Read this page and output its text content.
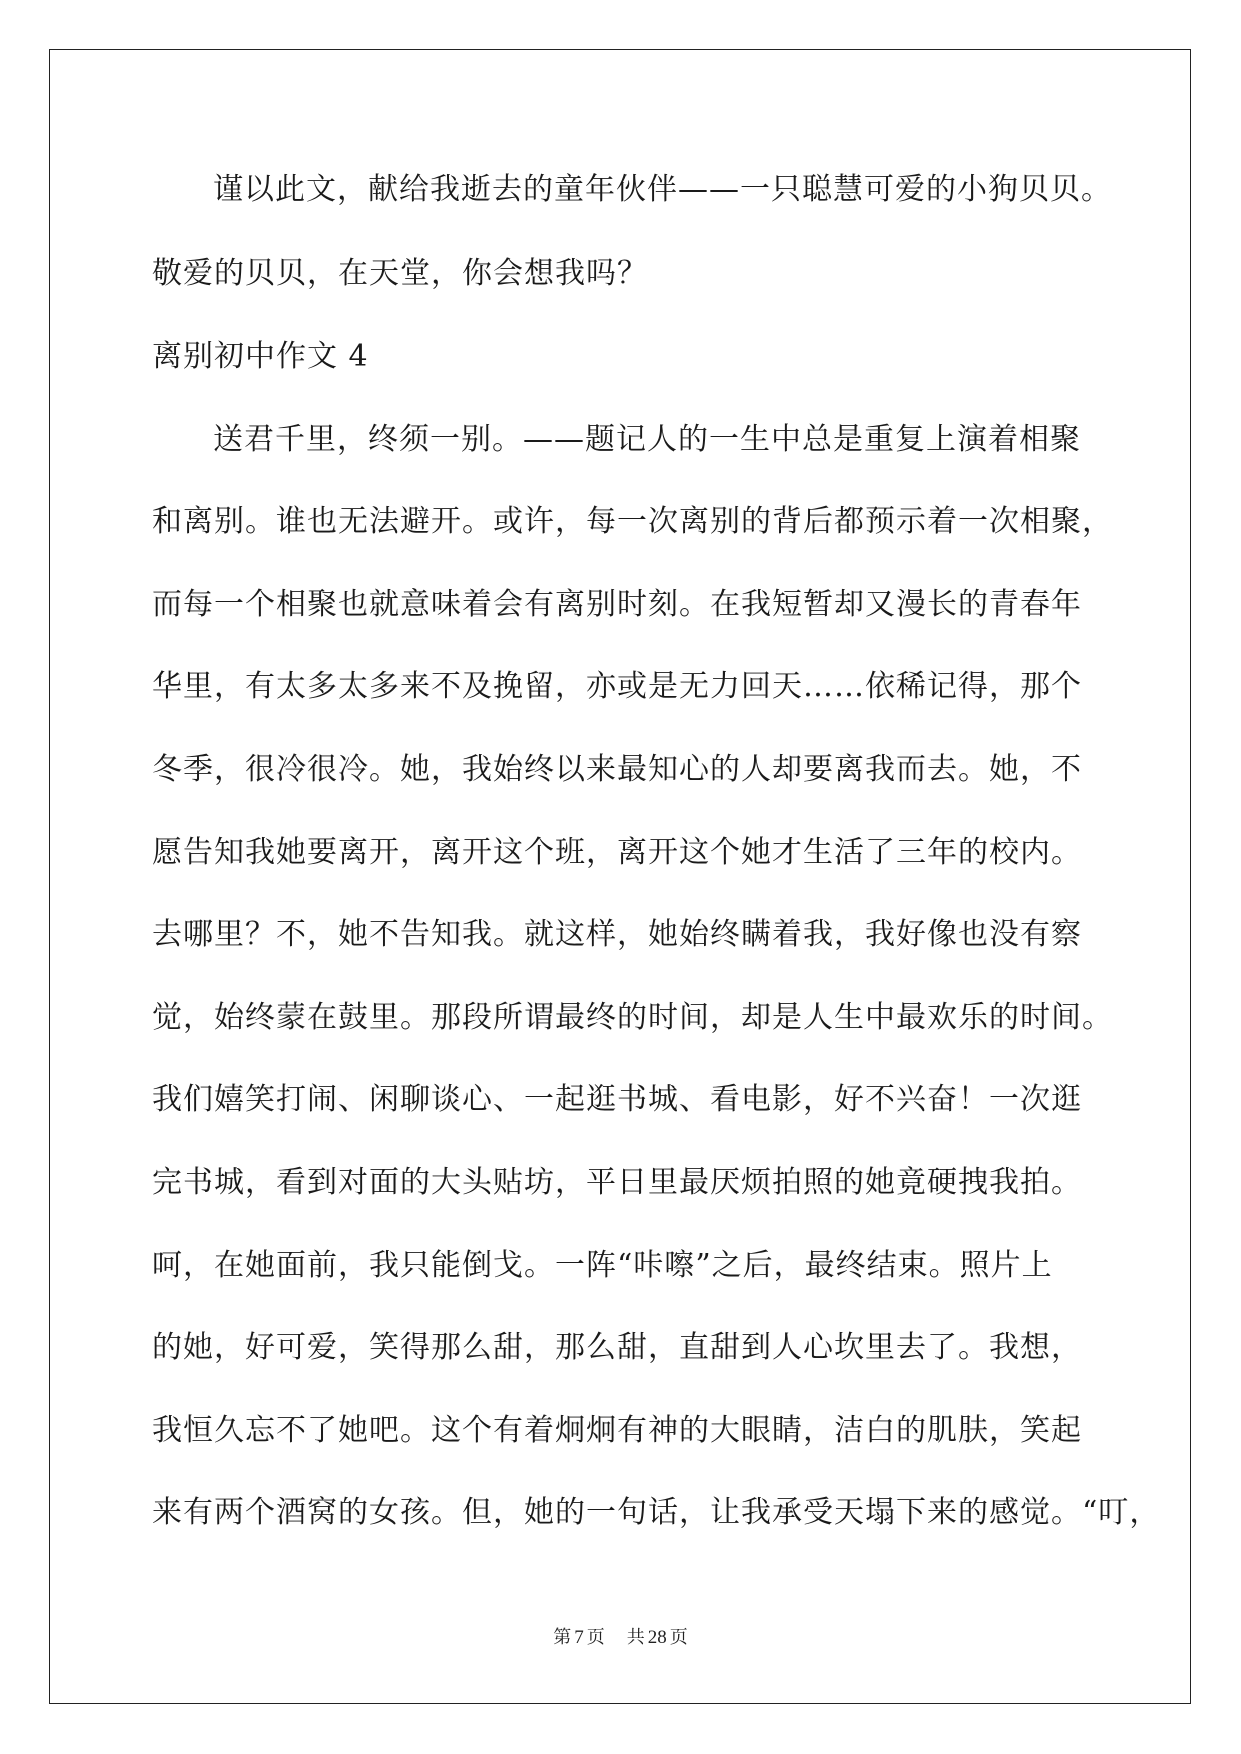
谨以此文，献给我逝去的童年伙伴——一只聪慧可爱的小狗贝贝。
敬爱的贝贝，在天堂，你会想我吗？
离别初中作文 4
送君千里，终须一别。——题记人的一生中总是重复上演着相聚
和离别。谁也无法避开。或许，每一次离别的背后都预示着一次相聚，
而每一个相聚也就意味着会有离别时刻。在我短暂却又漫长的青春年
华里，有太多太多来不及挽留，亦或是无力回天……依稀记得，那个
冬季，很冷很冷。她，我始终以来最知心的人却要离我而去。她，不
愿告知我她要离开，离开这个班，离开这个她才生活了三年的校内。
去哪里？不，她不告知我。就这样，她始终瞒着我，我好像也没有察
觉，始终蒙在鼓里。那段所谓最终的时间，却是人生中最欢乐的时间。
我们嬉笑打闹、闲聊谈心、一起逛书城、看电影，好不兴奋！一次逛
完书城，看到对面的大头贴坊，平日里最厌烦拍照的她竟硬拽我拍。
呵，在她面前，我只能倒戈。一阵“咔嚓”之后，最终结束。照片上
的她，好可爱，笑得那么甜，那么甜，直甜到人心坎里去了。我想，
我恒久忘不了她吧。这个有着炯炯有神的大眼睛，洁白的肌肤，笑起
来有两个酒窝的女孩。但，她的一句话，让我承受天塌下来的感觉。“叮，
第 7 页 共 28 页
